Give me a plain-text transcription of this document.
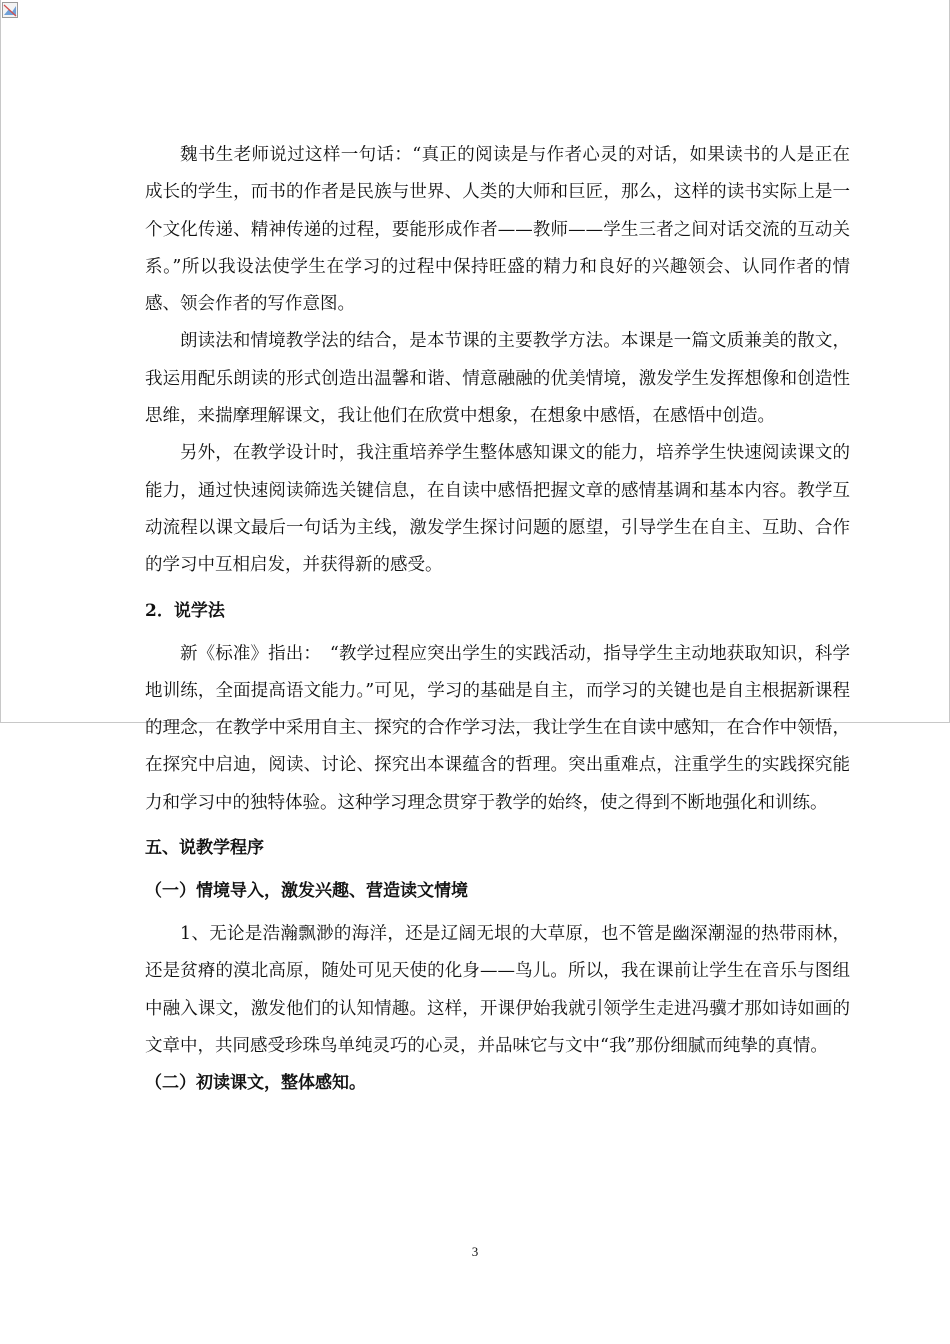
魏书生老师说过这样一句话：“真正的阅读是与作者心灵的对话，如果读书的人是正在成长的学生，而书的作者是民族与世界、人类的大师和巨匠，那么，这样的读书实际上是一个文化传递、精神传递的过程，要能形成作者——教师——学生三者之间对话交流的互动关系。”所以我设法使学生在学习的过程中保持旺盛的精力和良好的兴趣领会、认同作者的情感、领会作者的写作意图。

朗读法和情境教学法的结合，是本节课的主要教学方法。本课是一篇文质兼美的散文，我运用配乐朗读的形式创造出温馨和谐、情意融融的优美情境，激发学生发挥想像和创造性思维，来揣摩理解课文，我让他们在欣赏中想象，在想象中感悟，在感悟中创造。

另外，在教学设计时，我注重培养学生整体感知课文的能力，培养学生快速阅读课文的能力，通过快速阅读筛选关键信息，在自读中感悟把握文章的感情基调和基本内容。教学互动流程以课文最后一句话为主线，激发学生探讨问题的愿望，引导学生在自主、互助、合作的学习中互相启发，并获得新的感受。

2．说学法

新《标准》指出：　“教学过程应突出学生的实践活动，指导学生主动地获取知识，科学地训练，全面提高语文能力。”可见，学习的基础是自主，而学习的关键也是自主根据新课程的理念，在教学中采用自主、探究的合作学习法，我让学生在自读中感知，在合作中领悟，在探究中启迪，阅读、讨论、探究出本课蕴含的哲理。突出重难点，注重学生的实践探究能力和学习中的独特体验。这种学习理念贯穿于教学的始终，使之得到不断地强化和训练。

五、说教学程序
（一）情境导入，激发兴趣、营造读文情境

1、无论是浩瀚飘渺的海洋，还是辽阔无垠的大草原，也不管是幽深潮湿的热带雨林，还是贫瘠的漠北高原，随处可见天使的化身——鸟儿。所以，我在课前让学生在音乐与图组中融入课文，激发他们的认知情趣。这样，开课伊始我就引领学生走进冯骥才那如诗如画的文章中，共同感受珍珠鸟单纯灵巧的心灵，并品味它与文中“我”那份细腻而纯挚的真情。

（二）初读课文，整体感知。
3
